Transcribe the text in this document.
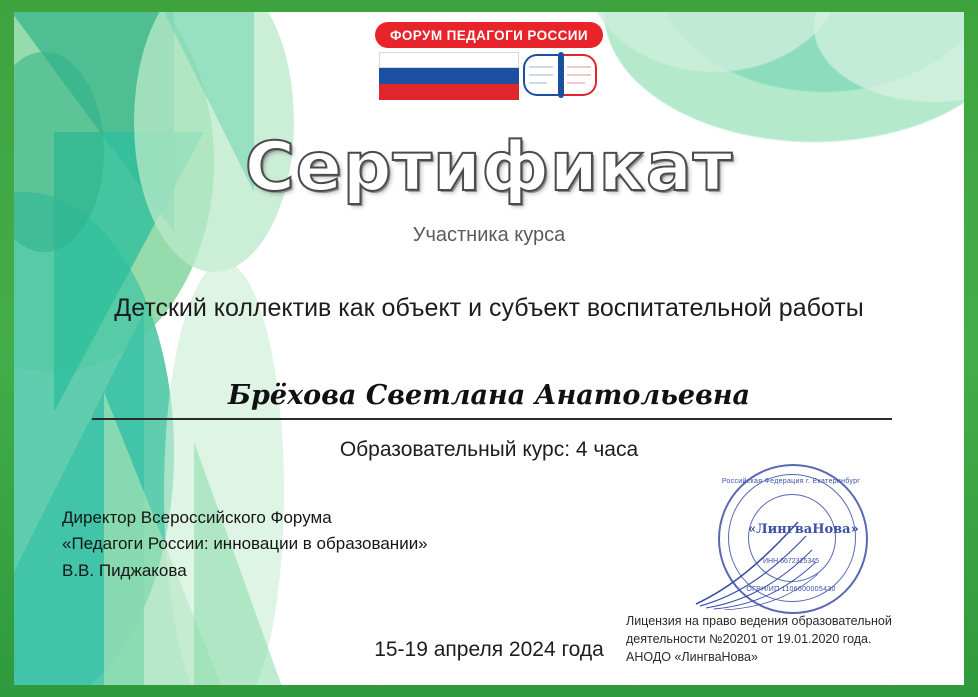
ФОРУМ ПЕДАГОГИ РОССИИ
Сертификат
Участника курса
Детский коллектив как объект и субъект воспитательной работы
Брёхова Светлана Анатольевна
Образовательный курс: 4 часа
Директор Всероссийского Форума
«Педагоги России: инновации в образовании»
В.В. Пиджакова
15-19 апреля 2024 года
Лицензия на право ведения образовательной
деятельности №20201 от 19.01.2020 года.
АНОДО «ЛингваНова»
Российская Федерация г. Екатеринбург
«ЛингваНова»
ИНН 6672325345
ОГРН/ИП 1106600005430
